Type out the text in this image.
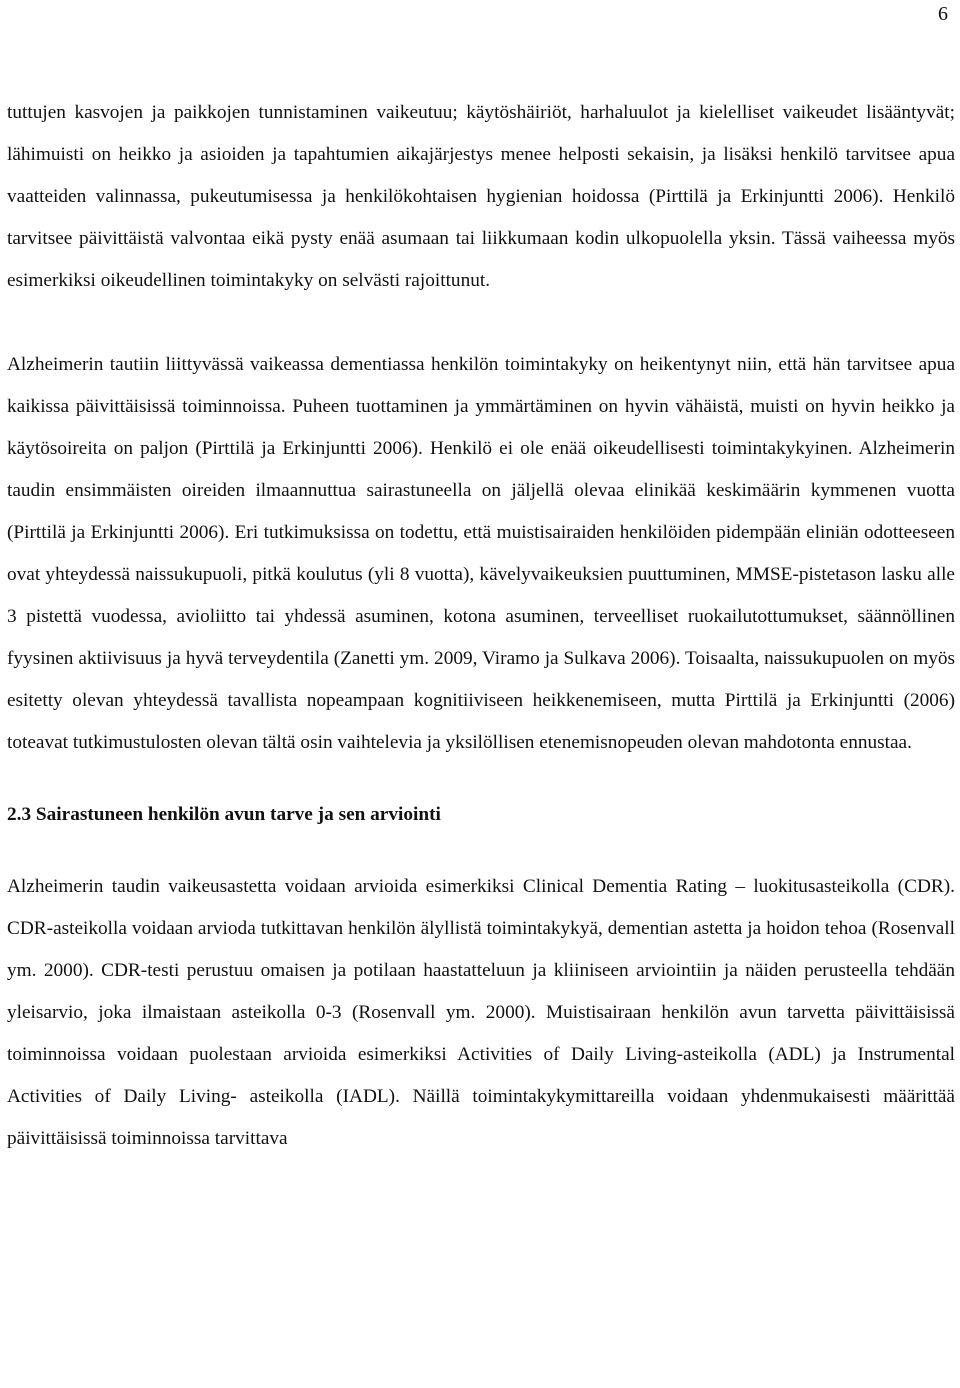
6

tuttujen kasvojen ja paikkojen tunnistaminen vaikeutuu; käytöshäiriöt, harhaluulot ja kielelliset vaikeudet lisääntyvät; lähimuisti on heikko ja asioiden ja tapahtumien aikajärjestys menee helposti sekaisin, ja lisäksi henkilö tarvitsee apua vaatteiden valinnassa, pukeutumisessa ja henkilökohtaisen hygienian hoidossa (Pirttilä ja Erkinjuntti 2006). Henkilö tarvitsee päivittäistä valvontaa eikä pysty enää asumaan tai liikkumaan kodin ulkopuolella yksin. Tässä vaiheessa myös esimerkiksi oikeudellinen toimintakyky on selvästi rajoittunut.

Alzheimerin tautiin liittyvässä vaikeassa dementiassa henkilön toimintakyky on heikentynyt niin, että hän tarvitsee apua kaikissa päivittäisissä toiminnoissa. Puheen tuottaminen ja ymmärtäminen on hyvin vähäistä, muisti on hyvin heikko ja käytösoireita on paljon (Pirttilä ja Erkinjuntti 2006). Henkilö ei ole enää oikeudellisesti toimintakykyinen. Alzheimerin taudin ensimmäisten oireiden ilmaannuttua sairastuneella on jäljellä olevaa elinikää keskimäärin kymmenen vuotta (Pirttilä ja Erkinjuntti 2006). Eri tutkimuksissa on todettu, että muistisairaiden henkilöiden pidempään eliniän odotteeseen ovat yhteydessä naissukupuoli, pitkä koulutus (yli 8 vuotta), kävelyvaikeuksien puuttuminen, MMSE-pistetason lasku alle 3 pistettä vuodessa, avioliitto tai yhdessä asuminen, kotona asuminen, terveelliset ruokailutottumukset, säännöllinen fyysinen aktiivisuus ja hyvä terveydentila (Zanetti ym. 2009, Viramo ja Sulkava 2006). Toisaalta, naissukupuolen on myös esitetty olevan yhteydessä tavallista nopeampaan kognitiiviseen heikkenemiseen, mutta Pirttilä ja Erkinjuntti (2006) toteavat tutkimustulosten olevan tältä osin vaihtelevia ja yksilöllisen etenemisnopeuden olevan mahdotonta ennustaa.

2.3 Sairastuneen henkilön avun tarve ja sen arviointi

Alzheimerin taudin vaikeusastetta voidaan arvioida esimerkiksi Clinical Dementia Rating – luokitusasteikolla (CDR). CDR-asteikolla voidaan arvioda tutkittavan henkilön älyllistä toimintakykyä, dementian astetta ja hoidon tehoa (Rosenvall ym. 2000). CDR-testi perustuu omaisen ja potilaan haastatteluun ja kliiniseen arviointiin ja näiden perusteella tehdään yleisarvio, joka ilmaistaan asteikolla 0-3 (Rosenvall ym. 2000). Muistisairaan henkilön avun tarvetta päivittäisissä toiminnoissa voidaan puolestaan arvioida esimerkiksi Activities of Daily Living-asteikolla (ADL) ja Instrumental Activities of Daily Living- asteikolla (IADL). Näillä toimintakykymittareilla voidaan yhdenmukaisesti määrittää päivittäisissä toiminnoissa tarvittava
